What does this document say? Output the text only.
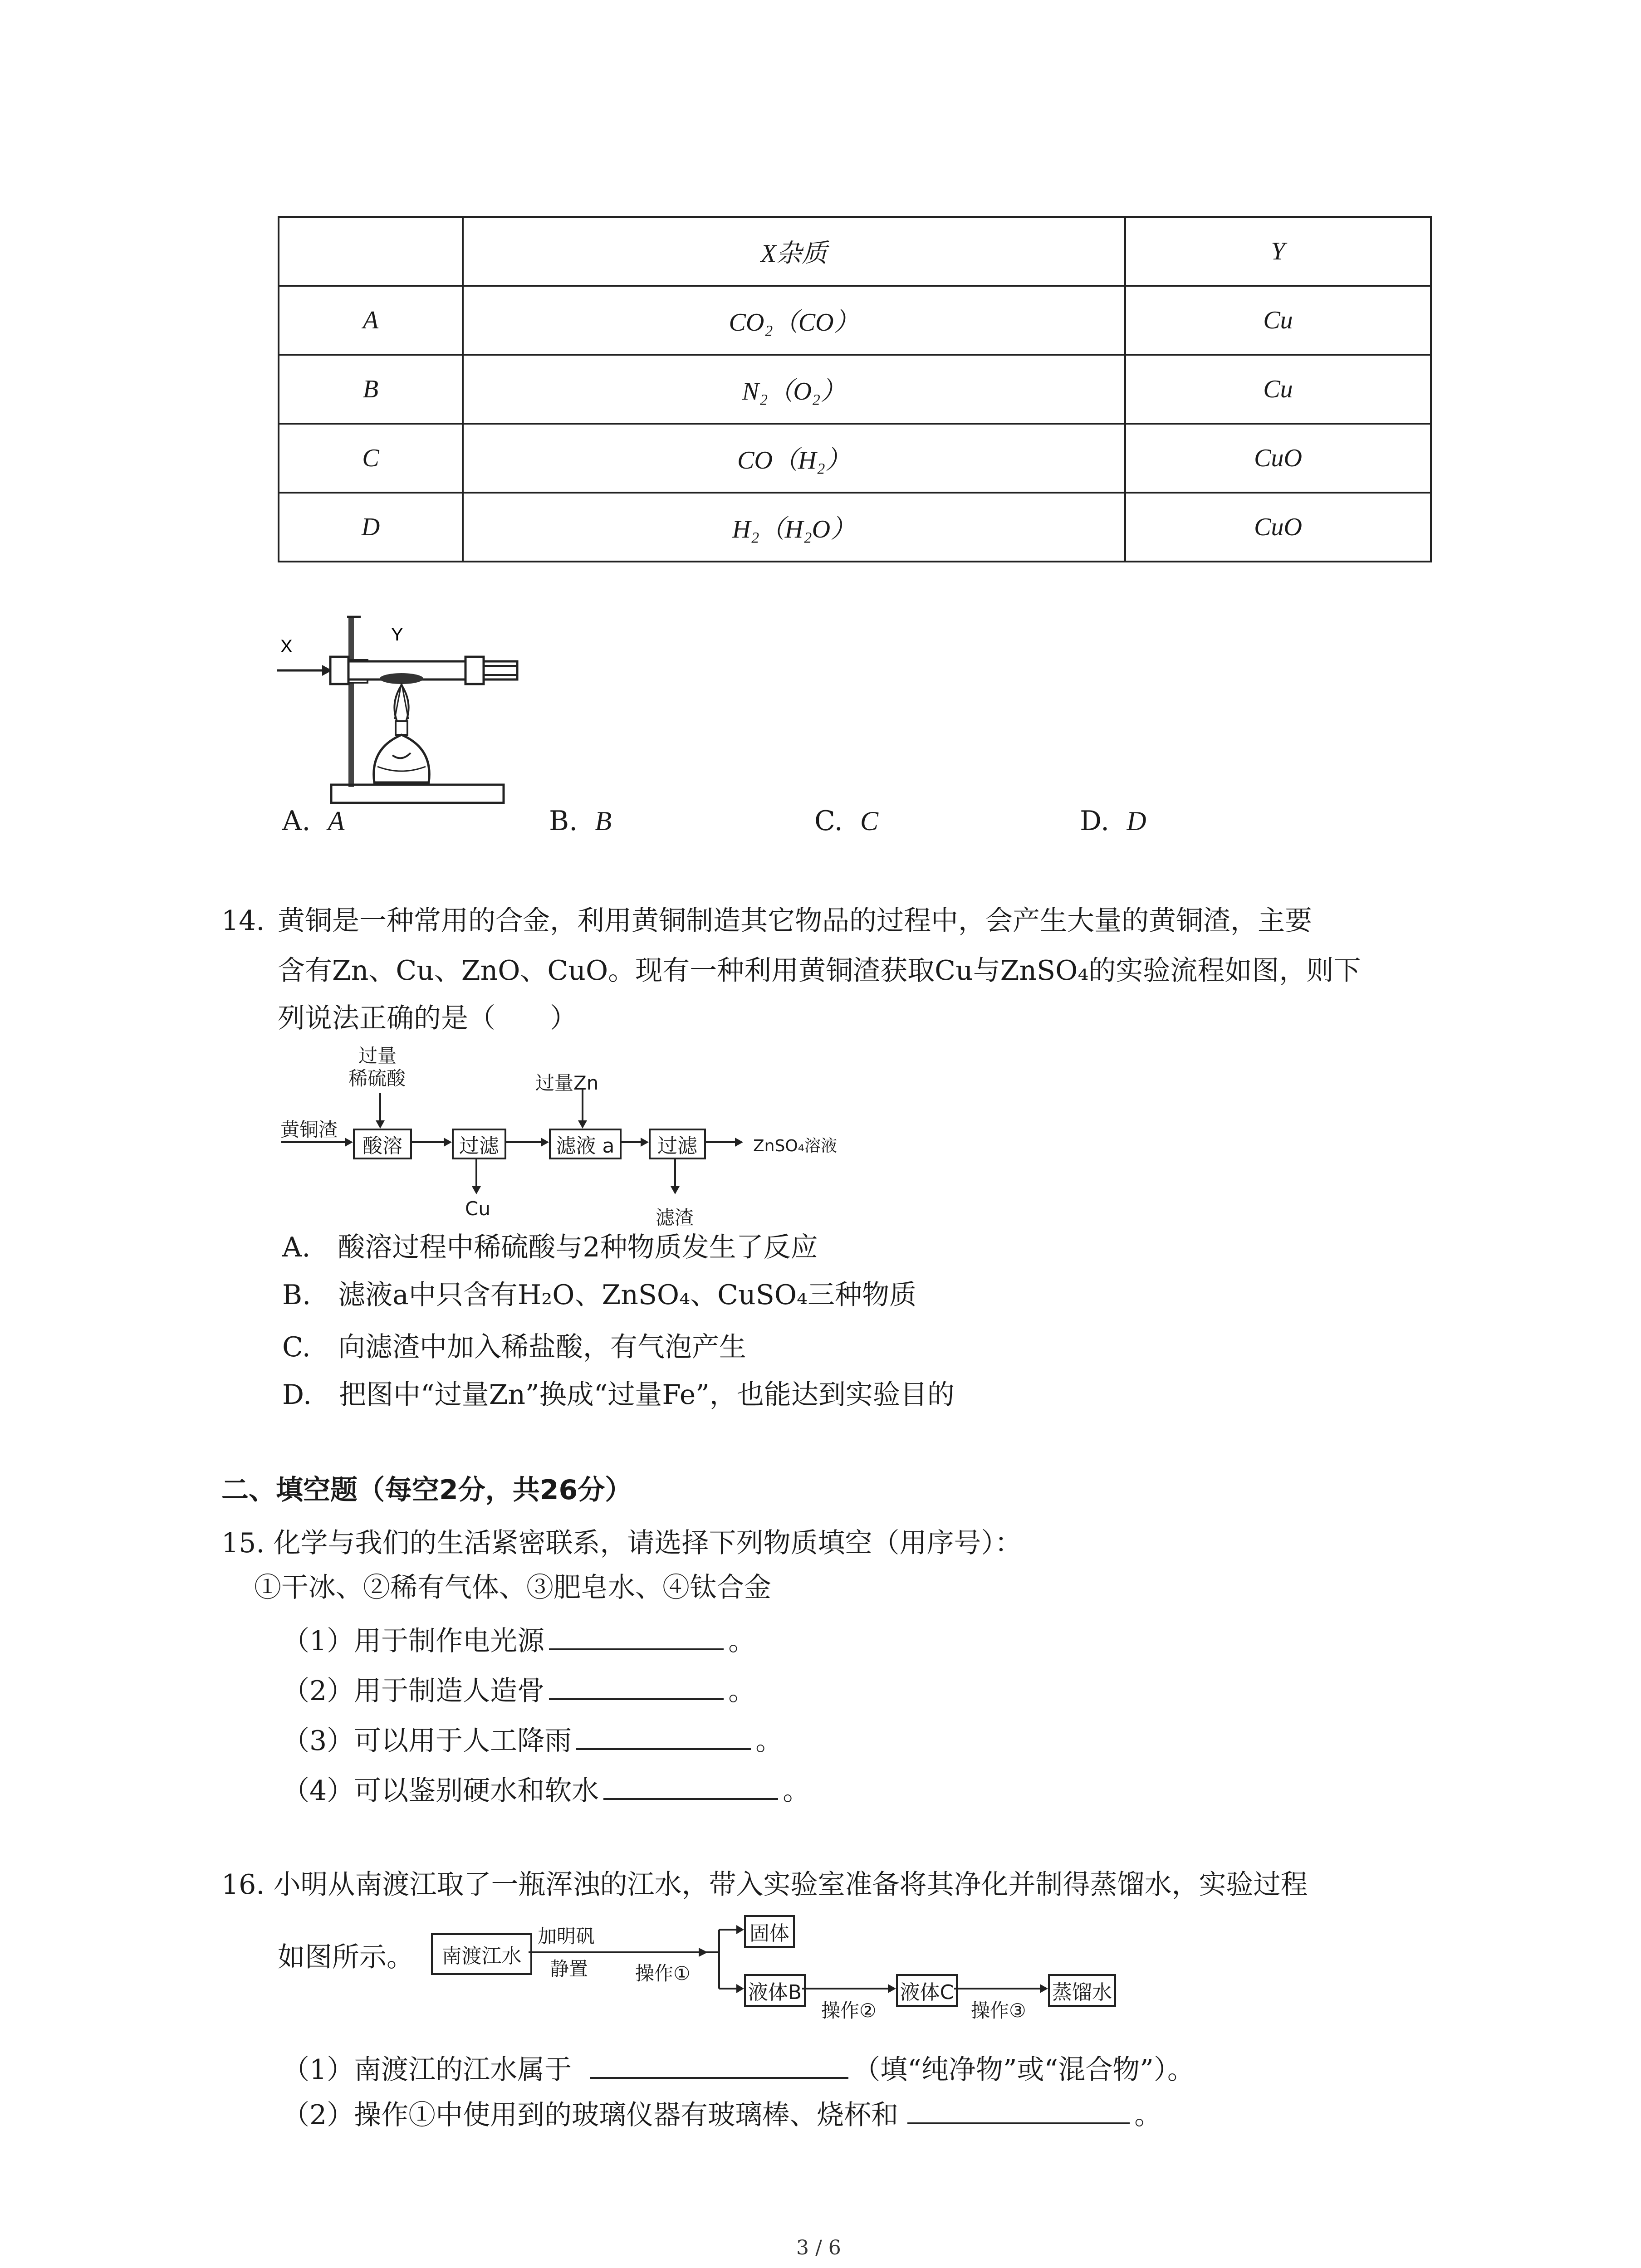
	X杂质	Y
A	CO₂（CO）	Cu
B	N₂（O₂）	Cu
C	CO（H₂）	CuO
D	H₂（H₂O）	CuO
X
Y
A. A	B. B	C. C	D. D
14. 黄铜是一种常用的合金，利用黄铜制造其它物品的过程中，会产生大量的黄铜渣，主要
含有Zn、Cu、ZnO、CuO。现有一种利用黄铜渣获取Cu与ZnSO₄的实验流程如图，则下
列说法正确的是（　　）
黄铜渣
过量
稀硫酸
酸溶	过滤
Cu
过量Zn
滤液 a	过滤
滤渣
ZnSO₄溶液
A.　酸溶过程中稀硫酸与2种物质发生了反应
B.　滤液a中只含有H₂O、ZnSO₄、CuSO₄三种物质
C.　向滤渣中加入稀盐酸，有气泡产生
D.　把图中“过量Zn”换成“过量Fe”，也能达到实验目的
二、填空题（每空2分，共26分）
15. 化学与我们的生活紧密联系，请选择下列物质填空（用序号）：
①干冰、②稀有气体、③肥皂水、④钛合金
（1）用于制作电光源	。
（2）用于制造人造骨	。
（3）可以用于人工降雨	。
（4）可以鉴别硬水和软水	。
16. 小明从南渡江取了一瓶浑浊的江水，带入实验室准备将其净化并制得蒸馏水，实验过程
如图所示。	南渡江水
加明矾
静置 操作①
固体
液体B
操作②
液体C
操作③
蒸馏水
（1）南渡江的江水属于	（填“纯净物”或“混合物”）。
（2）操作①中使用到的玻璃仪器有玻璃棒、烧杯和	。
3 / 6
